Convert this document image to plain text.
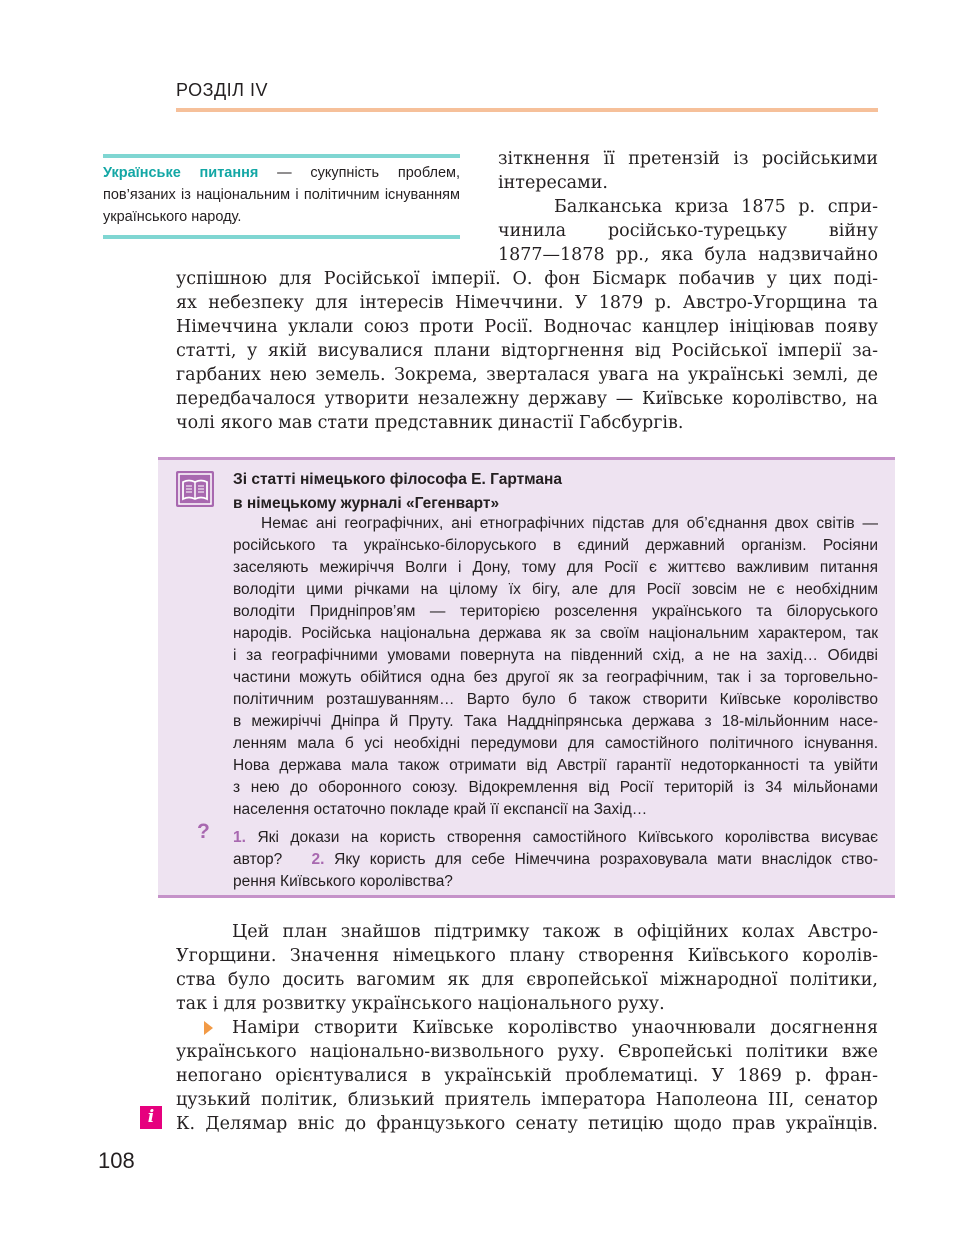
РОЗДІЛ IV
Українське питання — сукупність проблем, пов’язаних із національним і політичним існуванням українського народу.
зіткнення її претензій із російськими
інтересами.
Балканська криза 1875 р. спри-
чинила російсько-турецьку війну
1877—1878 рр., яка була надзвичайно
успішною для Російської імперії. О. фон Бісмарк побачив у цих поді-
ях небезпеку для інтересів Німеччини. У 1879 р. Австро-Угорщина та
Німеччина уклали союз проти Росії. Водночас канцлер ініціював появу
статті, у якій висувалися плани відторгнення від Російської імперії за-
гарбаних нею земель. Зокрема, зверталася увага на українські землі, де
передбачалося утворити незалежну державу — Київське королівство, на
чолі якого мав стати представник династії Габсбургів.
Зі статті німецького філософа Е. Гартмана
в німецькому журналі «Гегенварт»
Немає ані географічних, ані етнографічних підстав для об’єднання двох світів —
російського та українсько-білоруського в єдиний державний організм. Росіяни
заселяють межиріччя Волги і Дону, тому для Росії є життєво важливим питання
володіти цими річками на цілому їх бігу, але для Росії зовсім не є необхідним
володіти Придніпров’ям — територією розселення українського та білоруського
народів. Російська національна держава як за своїм національним характером, так
і за географічними умовами повернута на південний схід, а не на захід… Обидві
частини можуть обійтися одна без другої як за географічним, так і за торговельно-
політичним розташуванням… Варто було б також створити Київське королівство
в межиріччі Дніпра й Пруту. Така Наддніпрянська держава з 18-мільйонним насе-
ленням мала б усі необхідні передумови для самостійного політичного існування.
Нова держава мала також отримати від Австрії гарантії недоторканності та увійти
з нею до оборонного союзу. Відокремлення від Росії територій із 34 мільйонами
населення остаточно покладе край її експансії на Захід…
? 1. Які докази на користь створення самостійного Київського королівства висуває
автор? 2. Яку користь для себе Німеччина розраховувала мати внаслідок ство-
рення Київського королівства?
Цей план знайшов підтримку також в офіційних колах Австро-
Угорщини. Значення німецького плану створення Київського королів-
ства було досить вагомим як для європейської міжнародної політики,
так і для розвитку українського національного руху.
Наміри створити Київське королівство унаочнювали досягнення
українського національно-визвольного руху. Європейські політики вже
непогано орієнтувалися в українській проблематиці. У 1869 р. фран-
цузький політик, близький приятель імператора Наполеона ІІІ, сенатор
К. Делямар вніс до французького сенату петицію щодо прав українців.
i
108
